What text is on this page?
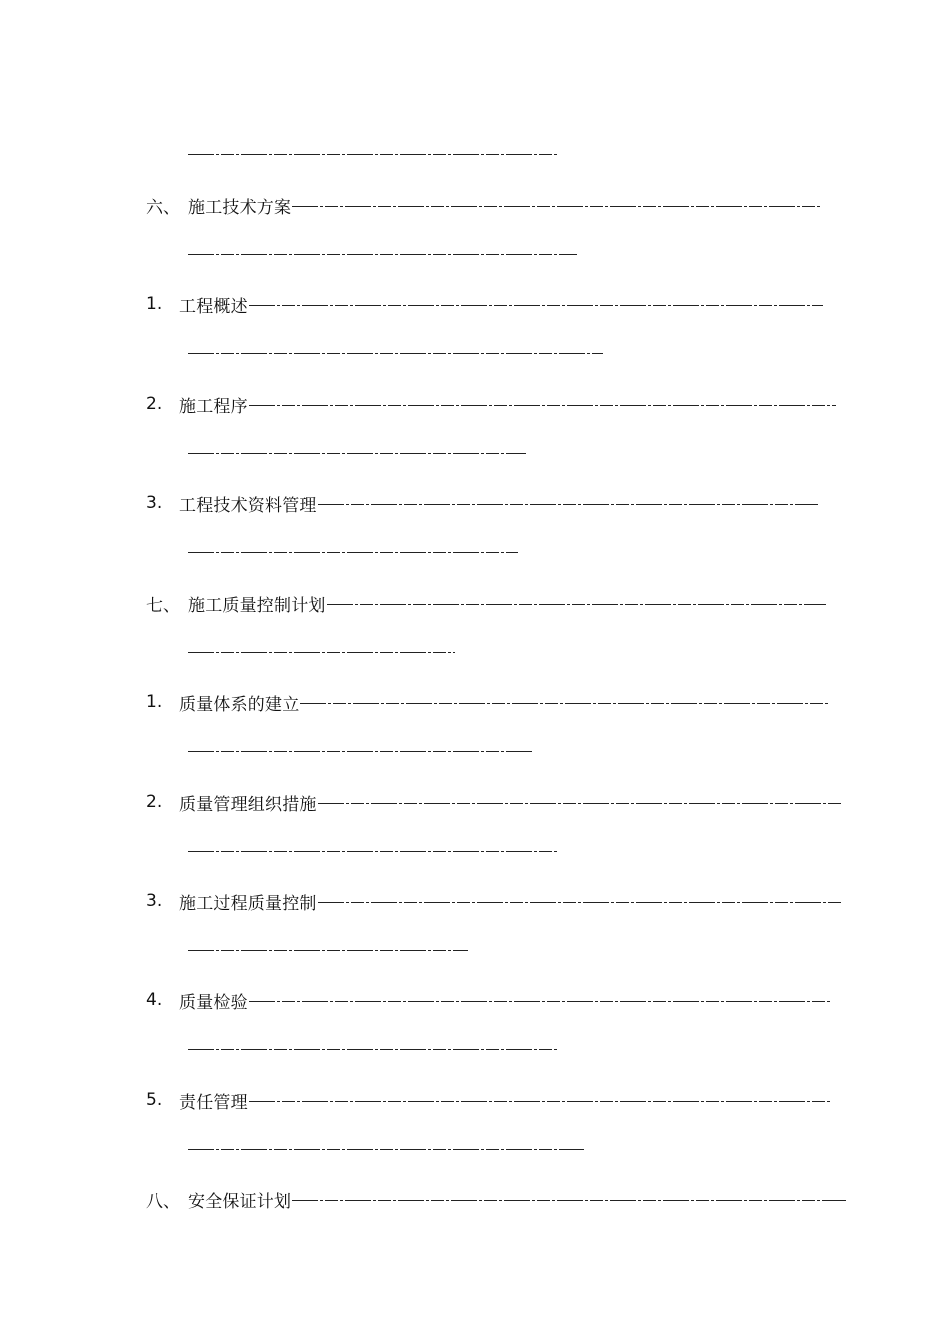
六、 施工技术方案
1. 工程概述
2. 施工程序
3. 工程技术资料管理
七、 施工质量控制计划
1. 质量体系的建立
2. 质量管理组织措施
3. 施工过程质量控制
4. 质量检验
5. 责任管理
八、 安全保证计划
